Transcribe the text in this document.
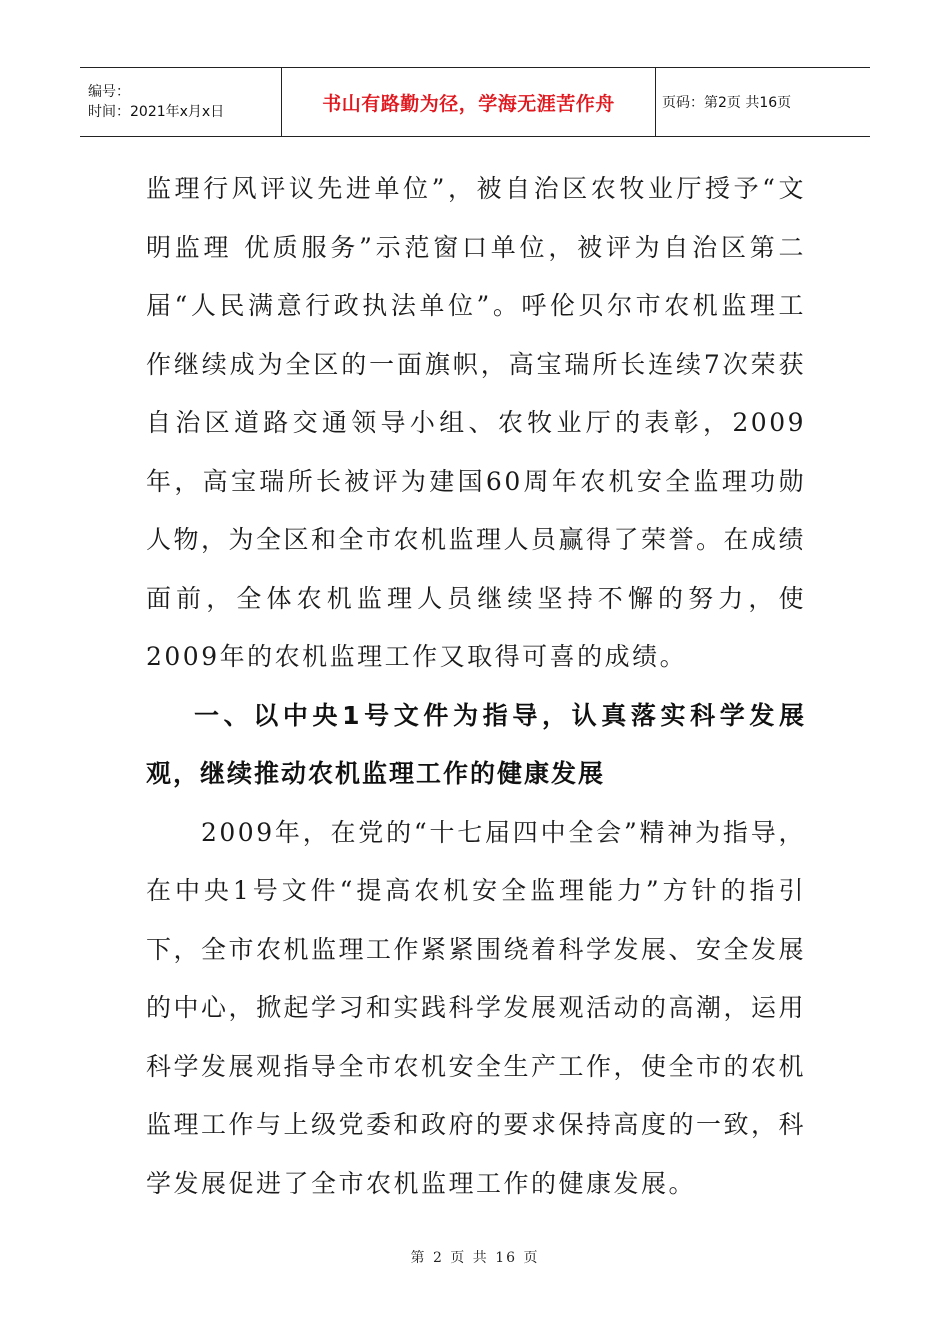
编号：
时间：2021年x月x日	书山有路勤为径，学海无涯苦作舟	页码：第2页 共16页

监理行风评议先进单位”，被自治区农牧业厅授予“文明监理 优质服务”示范窗口单位，被评为自治区第二届“人民满意行政执法单位”。呼伦贝尔市农机监理工作继续成为全区的一面旗帜，高宝瑞所长连续7次荣获自治区道路交通领导小组、农牧业厅的表彰，2009年，高宝瑞所长被评为建国60周年农机安全监理功勋人物，为全区和全市农机监理人员赢得了荣誉。在成绩面前，全体农机监理人员继续坚持不懈的努力，使2009年的农机监理工作又取得可喜的成绩。

一、以中央1号文件为指导，认真落实科学发展观，继续推动农机监理工作的健康发展

2009年，在党的“十七届四中全会”精神为指导，在中央1号文件“提高农机安全监理能力”方针的指引下，全市农机监理工作紧紧围绕着科学发展、安全发展的中心，掀起学习和实践科学发展观活动的高潮，运用科学发展观指导全市农机安全生产工作，使全市的农机监理工作与上级党委和政府的要求保持高度的一致，科学发展促进了全市农机监理工作的健康发展。

第 2 页 共 16 页
